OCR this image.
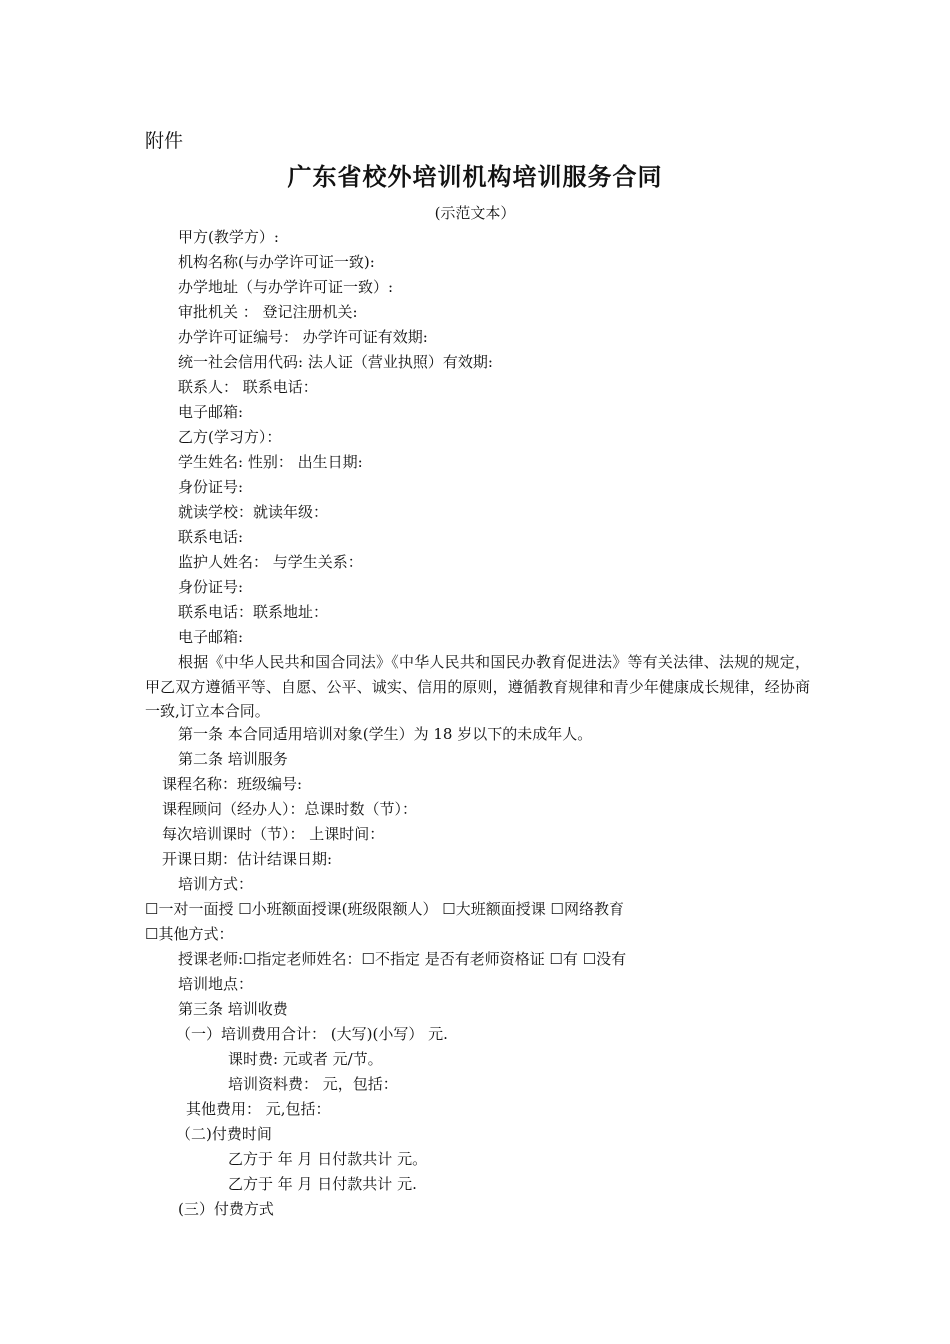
附件
广东省校外培训机构培训服务合同
(示范文本）
甲方(教学方）:
机构名称(与办学许可证一致):
办学地址（与办学许可证一致）:
审批机关 ： 登记注册机关:
办学许可证编号： 办学许可证有效期:
统一社会信用代码: 法人证（营业执照）有效期:
联系人： 联系电话：
电子邮箱:
乙方(学习方）：
学生姓名: 性别： 出生日期:
身份证号:
就读学校：就读年级：
联系电话:
监护人姓名： 与学生关系：
身份证号:
联系电话：联系地址：
电子邮箱:
根据《中华人民共和国合同法》《中华人民共和国民办教育促进法》等有关法律、法规的规定，甲乙双方遵循平等、自愿、公平、诚实、信用的原则，遵循教育规律和青少年健康成长规律，经协商一致,订立本合同。
第一条 本合同适用培训对象(学生）为 18 岁以下的未成年人。
第二条 培训服务
课程名称：班级编号:
课程顾问（经办人）：总课时数（节）：
每次培训课时（节）： 上课时间：
开课日期：估计结课日期:
培训方式：
☐一对一面授 ☐小班额面授课(班级限额人） ☐大班额面授课 ☐网络教育
☐其他方式：
授课老师:☐指定老师姓名：☐不指定 是否有老师资格证 ☐有 ☐没有
培训地点：
第三条 培训收费
（一）培训费用合计： (大写)(小写） 元.
课时费: 元或者 元/节。
培训资料费： 元，包括：
其他费用： 元,包括：
（二)付费时间
乙方于 年 月 日付款共计 元。
乙方于 年 月 日付款共计 元.
(三）付费方式
